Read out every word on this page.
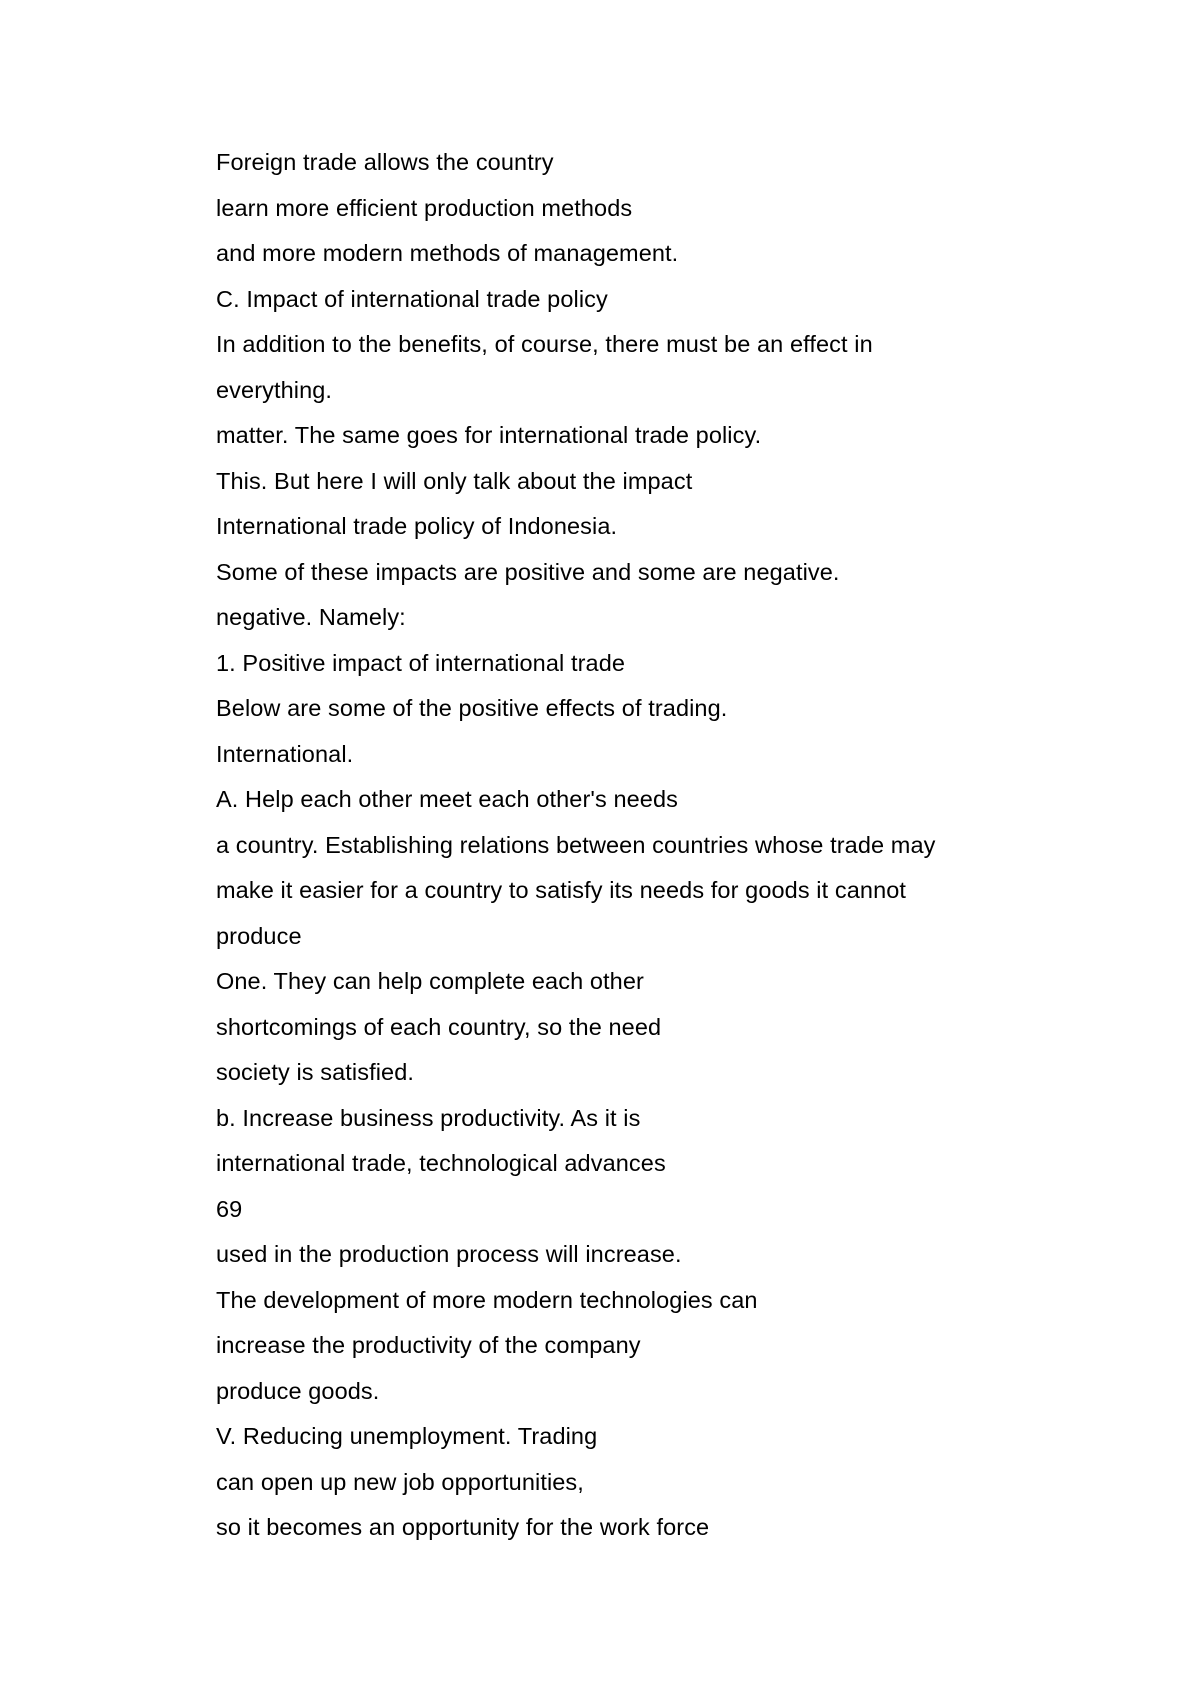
Foreign trade allows the country
learn more efficient production methods
and more modern methods of management.
C. Impact of international trade policy
In addition to the benefits, of course, there must be an effect in
everything.
matter. The same goes for international trade policy.
This. But here I will only talk about the impact
International trade policy of Indonesia.
Some of these impacts are positive and some are negative.
negative. Namely:
1. Positive impact of international trade
Below are some of the positive effects of trading.
International.
A. Help each other meet each other's needs
a country. Establishing relations between countries whose trade may
make it easier for a country to satisfy its needs for goods it cannot
produce
One. They can help complete each other
shortcomings of each country, so the need
society is satisfied.
b. Increase business productivity. As it is
international trade, technological advances
69
used in the production process will increase.
The development of more modern technologies can
increase the productivity of the company
produce goods.
V. Reducing unemployment. Trading
can open up new job opportunities,
so it becomes an opportunity for the work force
